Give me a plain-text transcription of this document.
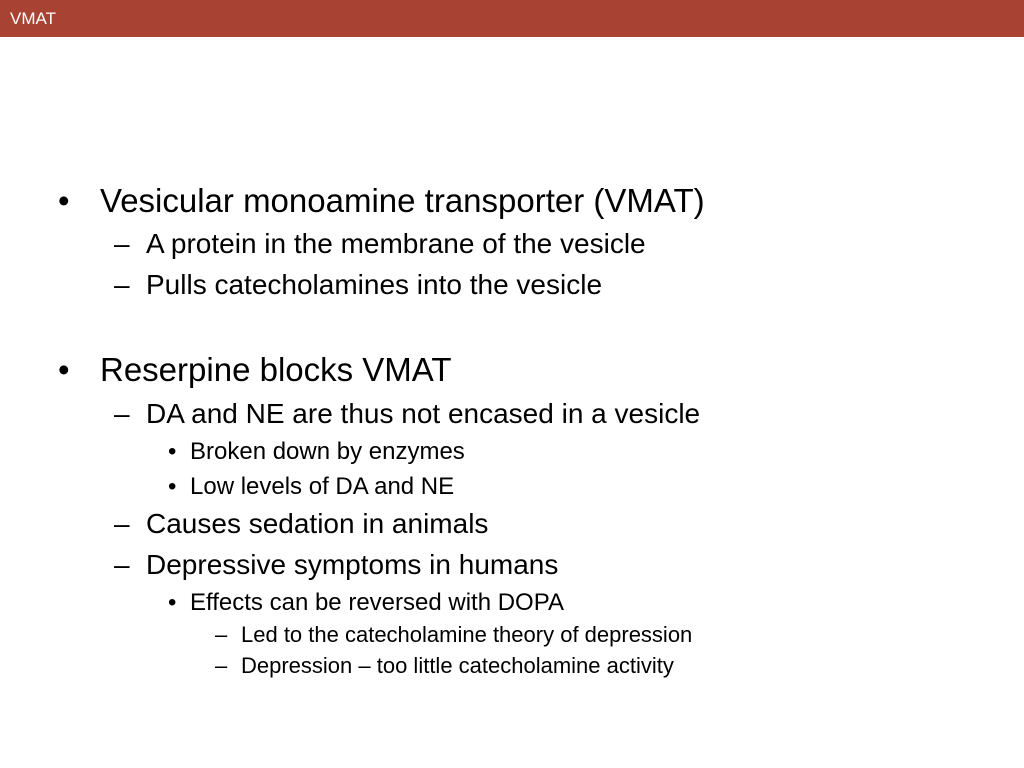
VMAT
• Vesicular monoamine transporter (VMAT)
– A protein in the membrane of the vesicle
– Pulls catecholamines into the vesicle
• Reserpine blocks VMAT
– DA and NE are thus not encased in a vesicle
• Broken down by enzymes
• Low levels of DA and NE
– Causes sedation in animals
– Depressive symptoms in humans
• Effects can be reversed with DOPA
– Led to the catecholamine theory of depression
– Depression – too little catecholamine activity
